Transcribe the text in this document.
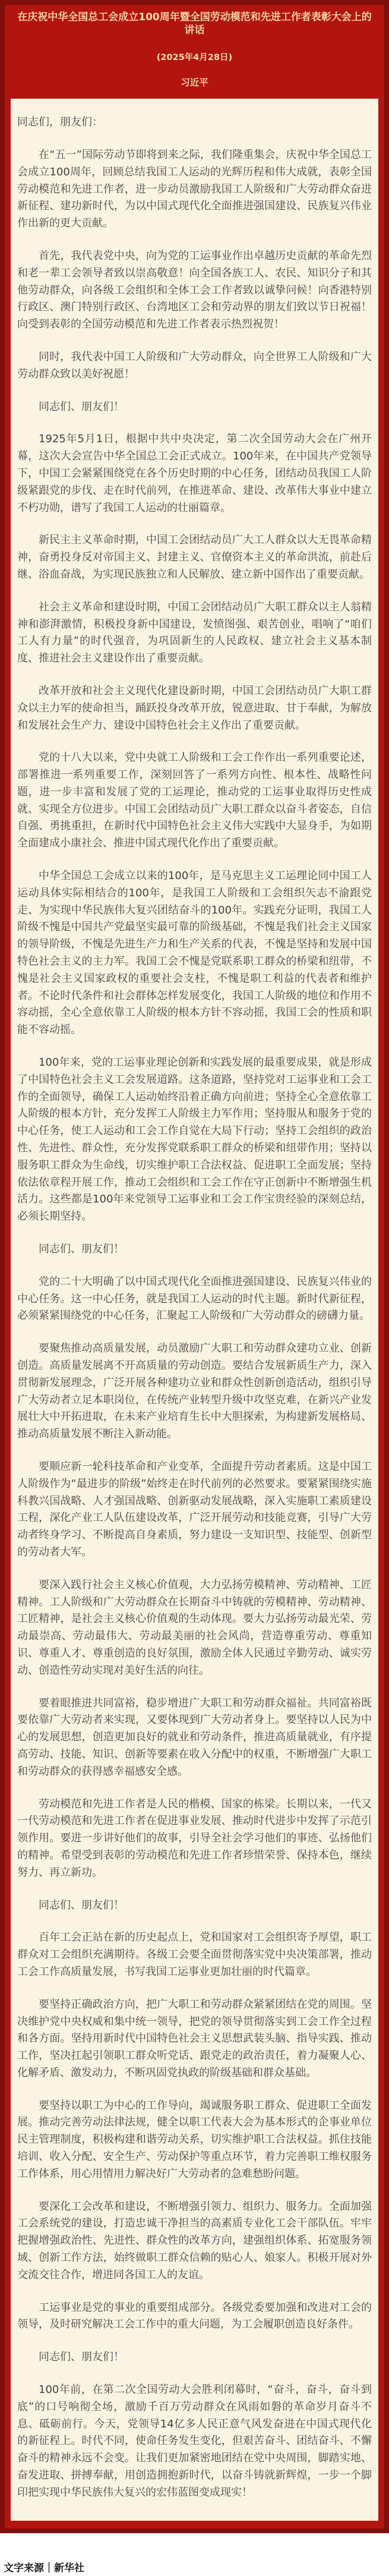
在庆祝中华全国总工会成立100周年暨全国劳动模范和先进工作者表彰大会上的讲话

(2025年4月28日)

习近平

同志们，朋友们：

在“五一”国际劳动节即将到来之际，我们隆重集会，庆祝中华全国总工会成立100周年，回顾总结我国工人运动的光辉历程和伟大成就，表彰全国劳动模范和先进工作者，进一步动员激励我国工人阶级和广大劳动群众奋进新征程、建功新时代，为以中国式现代化全面推进强国建设、民族复兴伟业作出新的更大贡献。

首先，我代表党中央，向为党的工运事业作出卓越历史贡献的革命先烈和老一辈工会领导者致以崇高敬意！向全国各族工人、农民、知识分子和其他劳动群众，向各级工会组织和全体工会工作者致以诚挚问候！向香港特别行政区、澳门特别行政区、台湾地区工会和劳动界的朋友们致以节日祝福！向受到表彰的全国劳动模范和先进工作者表示热烈祝贺！

同时，我代表中国工人阶级和广大劳动群众，向全世界工人阶级和广大劳动群众致以美好祝愿！

同志们、朋友们！

1925年5月1日，根据中共中央决定，第二次全国劳动大会在广州开幕，这次大会宣告中华全国总工会正式成立。100年来，在中国共产党领导下，中国工会紧紧围绕党在各个历史时期的中心任务，团结动员我国工人阶级紧跟党的步伐、走在时代前列，在推进革命、建设、改革伟大事业中建立不朽功勋，谱写了我国工人运动的壮丽篇章。

新民主主义革命时期，中国工会团结动员广大工人群众以大无畏革命精神，奋勇投身反对帝国主义、封建主义、官僚资本主义的革命洪流，前赴后继、浴血奋战，为实现民族独立和人民解放、建立新中国作出了重要贡献。

社会主义革命和建设时期，中国工会团结动员广大职工群众以主人翁精神和澎湃激情，积极投身新中国建设，发愤图强、艰苦创业，唱响了“咱们工人有力量”的时代强音，为巩固新生的人民政权、建立社会主义基本制度、推进社会主义建设作出了重要贡献。

改革开放和社会主义现代化建设新时期，中国工会团结动员广大职工群众以主力军的使命担当，踊跃投身改革开放，锐意进取、甘于奉献，为解放和发展社会生产力、建设中国特色社会主义作出了重要贡献。

党的十八大以来，党中央就工人阶级和工会工作作出一系列重要论述，部署推进一系列重要工作，深刻回答了一系列方向性、根本性、战略性问题，进一步丰富和发展了党的工运理论，推动党的工运事业取得历史性成就、实现全方位进步。中国工会团结动员广大职工群众以奋斗者姿态，自信自强、勇挑重担，在新时代中国特色社会主义伟大实践中大显身手，为如期全面建成小康社会、推进中国式现代化作出了重要贡献。

中华全国总工会成立以来的100年，是马克思主义工运理论同中国工人运动具体实际相结合的100年，是我国工人阶级和工会组织矢志不渝跟党走、为实现中华民族伟大复兴团结奋斗的100年。实践充分证明，我国工人阶级不愧是中国共产党最坚实最可靠的阶级基础，不愧是我们社会主义国家的领导阶级，不愧是先进生产力和生产关系的代表，不愧是坚持和发展中国特色社会主义的主力军。我国工会不愧是党联系职工群众的桥梁和纽带，不愧是社会主义国家政权的重要社会支柱，不愧是职工利益的代表者和维护者。不论时代条件和社会群体怎样发展变化，我国工人阶级的地位和作用不容动摇，全心全意依靠工人阶级的根本方针不容动摇，我国工会的性质和职能不容动摇。

100年来，党的工运事业理论创新和实践发展的最重要成果，就是形成了中国特色社会主义工会发展道路。这条道路，坚持党对工运事业和工会工作的全面领导，确保工人运动始终沿着正确方向前进；坚持全心全意依靠工人阶级的根本方针，充分发挥工人阶级主力军作用；坚持服从和服务于党的中心任务，使工人运动和工会工作自觉在大局下行动；坚持工会组织的政治性、先进性、群众性，充分发挥党联系职工群众的桥梁和纽带作用；坚持以服务职工群众为生命线，切实维护职工合法权益、促进职工全面发展；坚持依法依章程开展工作，推动工会组织和工会工作在守正创新中不断增强生机活力。这些都是100年来党领导工运事业和工会工作宝贵经验的深刻总结，必须长期坚持。

同志们、朋友们！

党的二十大明确了以中国式现代化全面推进强国建设、民族复兴伟业的中心任务。这一中心任务，就是我国工人运动的时代主题。新时代新征程，必须紧紧围绕党的中心任务，汇聚起工人阶级和广大劳动群众的磅礴力量。

要聚焦推动高质量发展，动员激励广大职工和劳动群众建功立业、创新创造。高质量发展离不开高质量的劳动创造。要结合发展新质生产力，深入贯彻新发展理念，广泛开展各种建功立业和群众性创新创造活动，组织引导广大劳动者立足本职岗位，在传统产业转型升级中攻坚克难，在新兴产业发展壮大中开拓进取，在未来产业培育生长中大胆探索，为构建新发展格局、推动高质量发展不断注入新动能。

要顺应新一轮科技革命和产业变革，全面提升劳动者素质。这是中国工人阶级作为“最进步的阶级”始终走在时代前列的必然要求。要紧紧围绕实施科教兴国战略、人才强国战略、创新驱动发展战略，深入实施职工素质建设工程，深化产业工人队伍建设改革，广泛开展劳动和技能竞赛，引导广大劳动者终身学习、不断提高自身素质，努力建设一支知识型、技能型、创新型的劳动者大军。

要深入践行社会主义核心价值观，大力弘扬劳模精神、劳动精神、工匠精神。工人阶级和广大劳动群众在长期奋斗中铸就的劳模精神、劳动精神、工匠精神，是社会主义核心价值观的生动体现。要大力弘扬劳动最光荣、劳动最崇高、劳动最伟大、劳动最美丽的社会风尚，营造尊重劳动、尊重知识、尊重人才、尊重创造的良好氛围，激励全体人民通过辛勤劳动、诚实劳动、创造性劳动实现对美好生活的向往。

要着眼推进共同富裕，稳步增进广大职工和劳动群众福祉。共同富裕既要依靠广大劳动者来实现，又要体现到广大劳动者身上。要坚持以人民为中心的发展思想，创造更加良好的就业和劳动条件，推进高质量就业，有序提高劳动、技能、知识、创新等要素在收入分配中的权重，不断增强广大职工和劳动群众的获得感幸福感安全感。

劳动模范和先进工作者是人民的楷模、国家的栋梁。长期以来，一代又一代劳动模范和先进工作者在促进事业发展、推动时代进步中发挥了示范引领作用。要进一步讲好他们的故事，引导全社会学习他们的事迹、弘扬他们的精神。希望受到表彰的劳动模范和先进工作者珍惜荣誉、保持本色，继续努力、再立新功。

同志们、朋友们！

百年工会正站在新的历史起点上，党和国家对工会组织寄予厚望，职工群众对工会组织充满期待。各级工会要全面贯彻落实党中央决策部署，推动工会工作高质量发展，书写我国工运事业更加壮丽的时代篇章。

要坚持正确政治方向，把广大职工和劳动群众紧紧团结在党的周围。坚决维护党中央权威和集中统一领导，把党的领导贯彻落实到工会工作全过程和各方面。坚持用新时代中国特色社会主义思想武装头脑、指导实践、推动工作，坚决扛起引领职工群众听党话、跟党走的政治责任，着力凝聚人心、化解矛盾、激发动力，不断巩固党执政的阶级基础和群众基础。

要坚持以职工为中心的工作导向，竭诚服务职工群众、促进职工全面发展。推动完善劳动法律法规，健全以职工代表大会为基本形式的企事业单位民主管理制度，积极构建和谐劳动关系，切实维护职工合法权益。抓住技能培训、收入分配、安全生产、劳动保护等重点环节，着力完善职工维权服务工作体系，用心用情用力解决好广大劳动者的急难愁盼问题。

要深化工会改革和建设，不断增强引领力、组织力、服务力。全面加强工会系统党的建设，打造忠诚干净担当的高素质专业化工会干部队伍。牢牢把握增强政治性、先进性、群众性的改革方向，建强组织体系、拓宽服务领域、创新工作方法，始终做职工群众信赖的贴心人、娘家人。积极开展对外交流交往合作，增进同各国工人的友谊。

工运事业是党的事业的重要组成部分。各级党委要加强和改进对工会的领导，及时研究解决工会工作中的重大问题，为工会履职创造良好条件。

同志们、朋友们！

100年前，在第二次全国劳动大会胜利闭幕时，“奋斗，奋斗，奋斗到底”的口号响彻全场，激励千百万劳动群众在风雨如磐的革命岁月奋斗不息、砥砺前行。今天，党领导14亿多人民正意气风发奋进在中国式现代化的新征程上。时代不同，使命任务发生变化，但艰苦奋斗、团结奋斗、不懈奋斗的精神永远不会变。让我们更加紧密地团结在党中央周围，脚踏实地、奋发进取、拼搏奉献，用创造拥抱新时代，以奋斗铸就新辉煌，一步一个脚印把实现中华民族伟大复兴的宏伟蓝图变成现实！

文字来源｜新华社
